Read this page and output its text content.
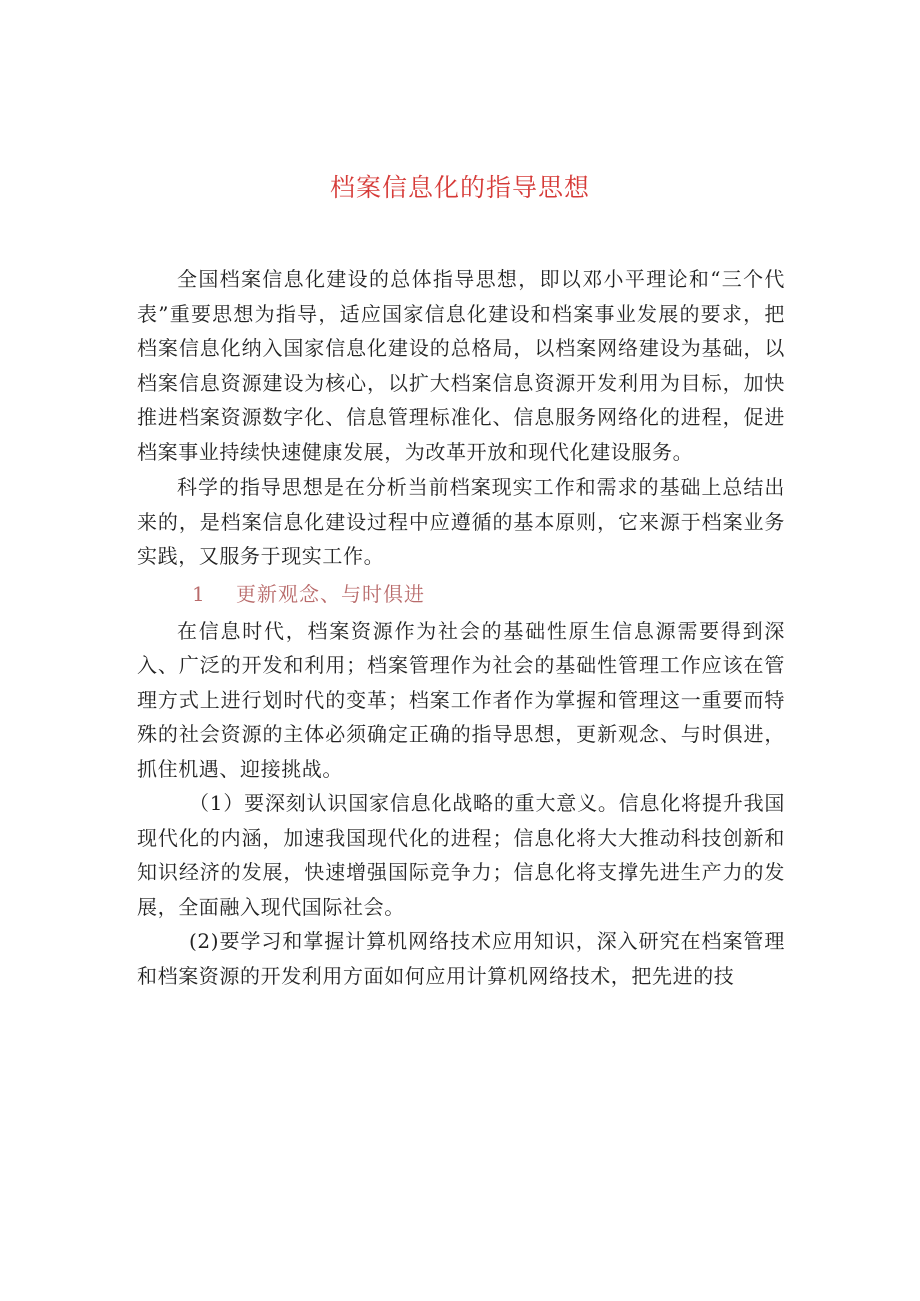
档案信息化的指导思想

全国档案信息化建设的总体指导思想，即以邓小平理论和“三个代表”重要思想为指导，适应国家信息化建设和档案事业发展的要求，把档案信息化纳入国家信息化建设的总格局，以档案网络建设为基础，以档案信息资源建设为核心，以扩大档案信息资源开发利用为目标，加快推进档案资源数字化、信息管理标准化、信息服务网络化的进程，促进档案事业持续快速健康发展，为改革开放和现代化建设服务。

科学的指导思想是在分析当前档案现实工作和需求的基础上总结出来的，是档案信息化建设过程中应遵循的基本原则，它来源于档案业务实践，又服务于现实工作。

1 更新观念、与时俱进

在信息时代，档案资源作为社会的基础性原生信息源需要得到深入、广泛的开发和利用；档案管理作为社会的基础性管理工作应该在管理方式上进行划时代的变革；档案工作者作为掌握和管理这一重要而特殊的社会资源的主体必须确定正确的指导思想，更新观念、与时俱进，抓住机遇、迎接挑战。

（1）要深刻认识国家信息化战略的重大意义。信息化将提升我国现代化的内涵，加速我国现代化的进程；信息化将大大推动科技创新和知识经济的发展，快速增强国际竞争力；信息化将支撑先进生产力的发展，全面融入现代国际社会。

(2)要学习和掌握计算机网络技术应用知识，深入研究在档案管理和档案资源的开发利用方面如何应用计算机网络技术，把先进的技
